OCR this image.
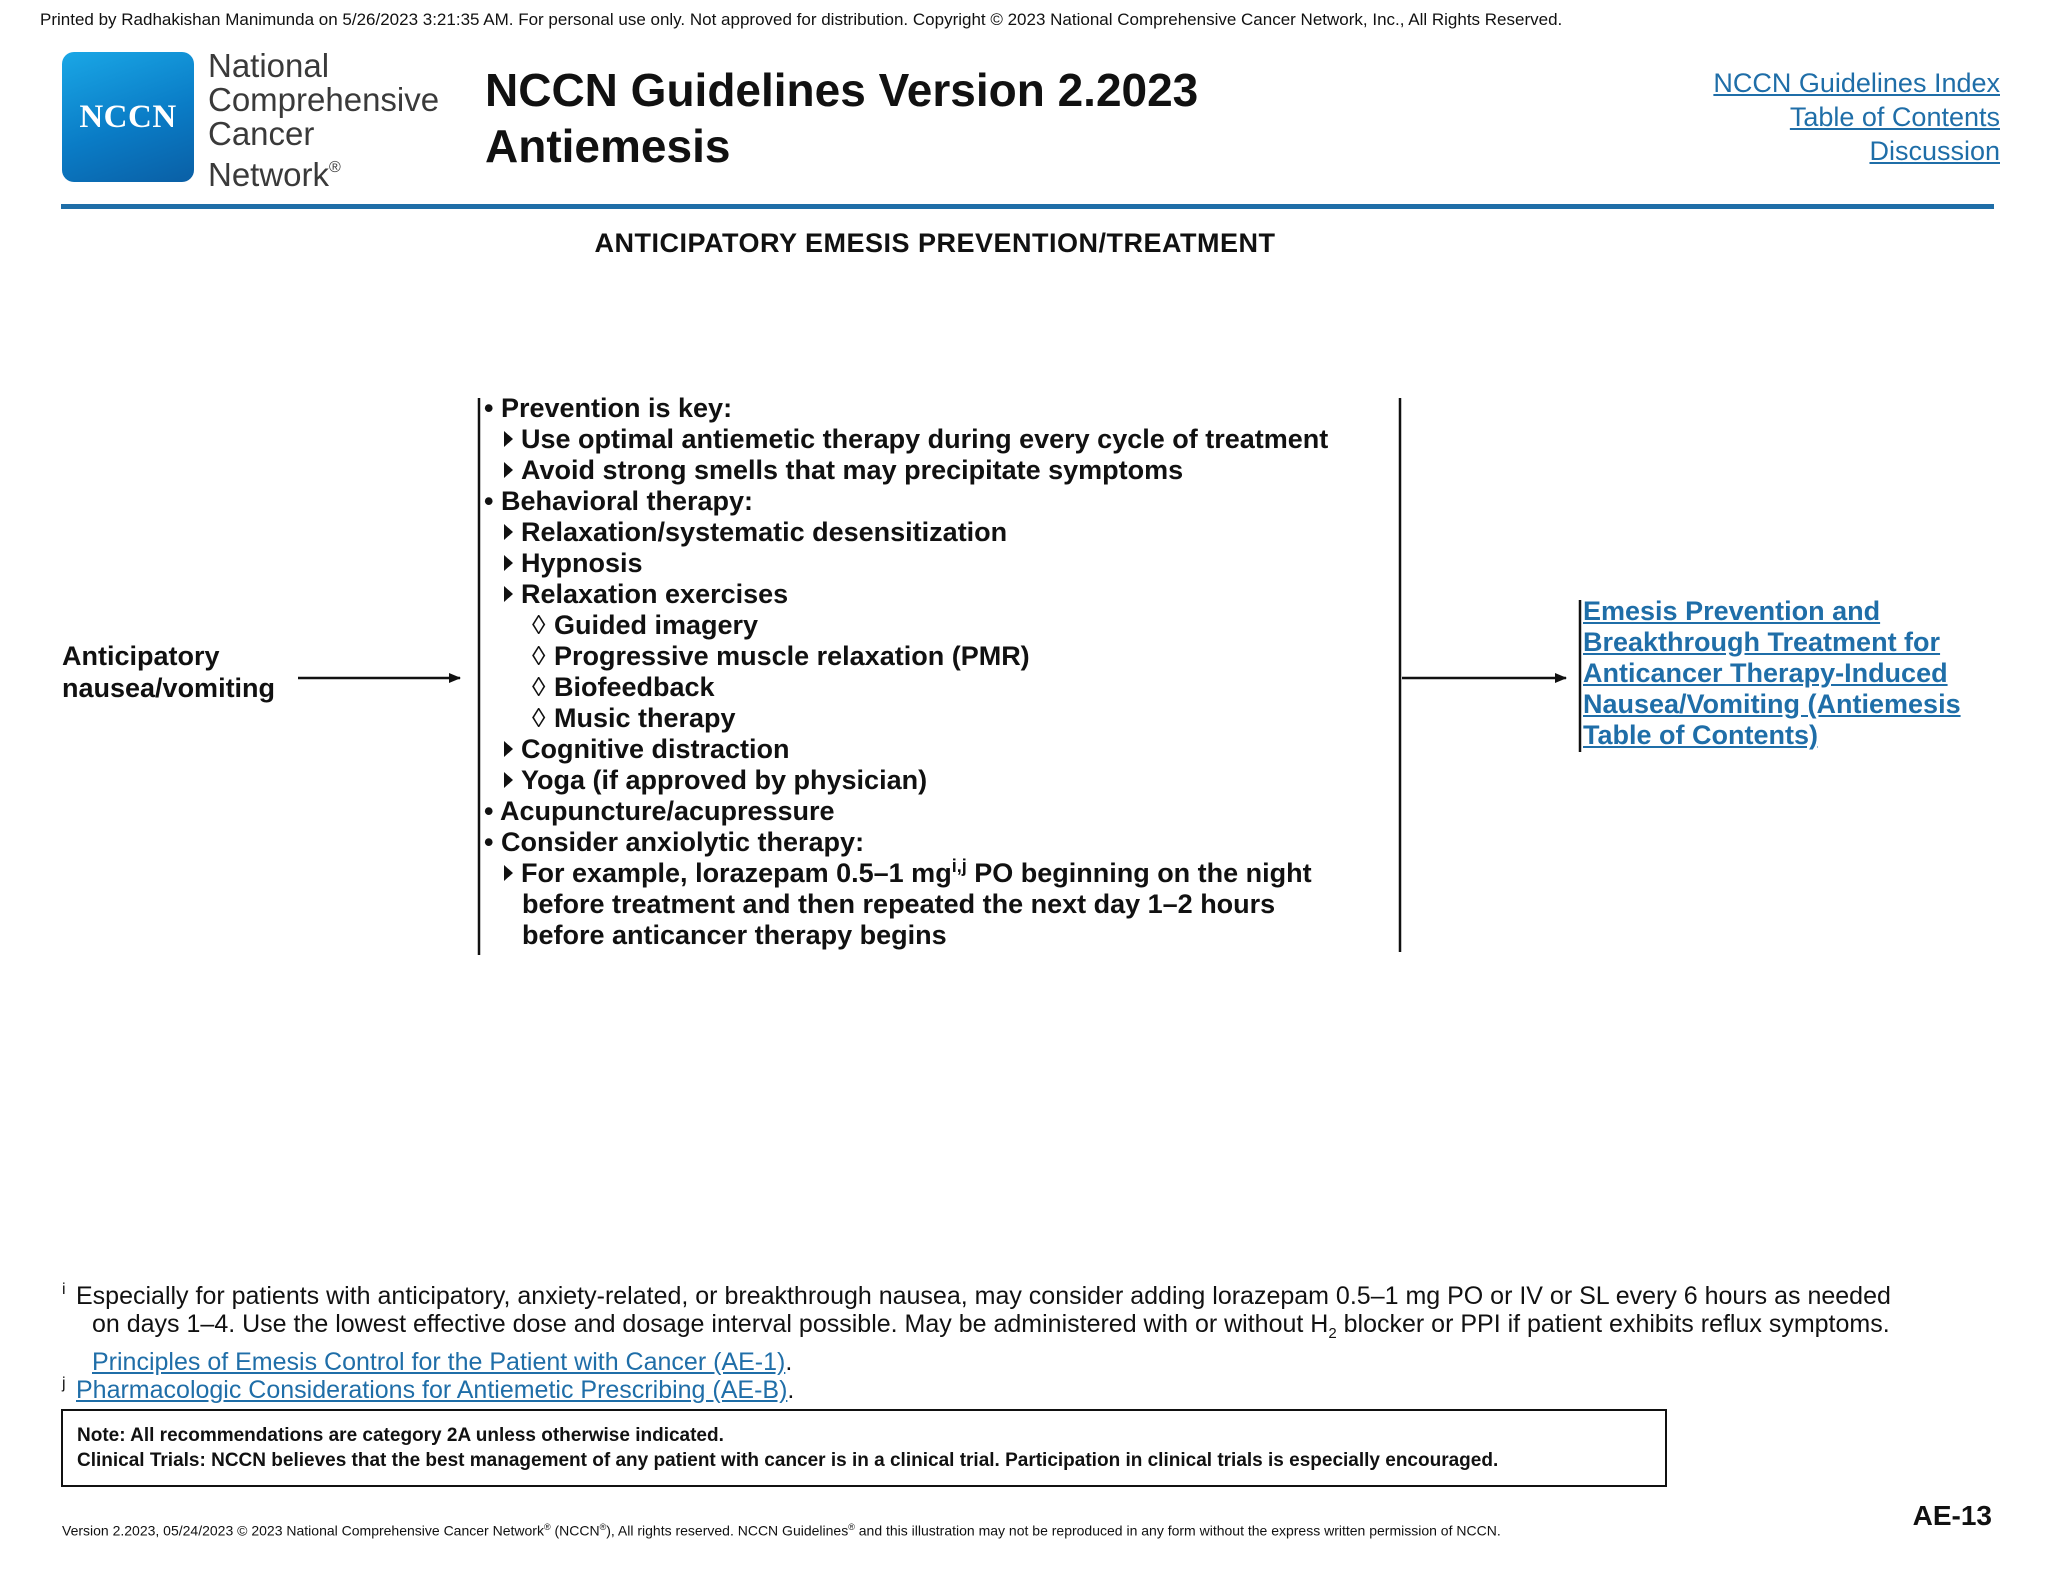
Printed by Radhakishan Manimunda on 5/26/2023 3:21:35 AM. For personal use only. Not approved for distribution. Copyright © 2023 National Comprehensive Cancer Network, Inc., All Rights Reserved.
NCCN
National
Comprehensive
Cancer
Network®
NCCN Guidelines Version 2.2023
Antiemesis
NCCN Guidelines Index
Table of Contents
Discussion
ANTICIPATORY EMESIS PREVENTION/TREATMENT
Anticipatory
nausea/vomiting
• Prevention is key:
Use optimal antiemetic therapy during every cycle of treatment
Avoid strong smells that may precipitate symptoms
• Behavioral therapy:
Relaxation/systematic desensitization
Hypnosis
Relaxation exercises
◊ Guided imagery
◊ Progressive muscle relaxation (PMR)
◊ Biofeedback
◊ Music therapy
Cognitive distraction
Yoga (if approved by physician)
• Acupuncture/acupressure
• Consider anxiolytic therapy:
For example, lorazepam 0.5–1 mg$^{i,j}$ PO beginning on the night
before treatment and then repeated the next day 1–2 hours
before anticancer therapy begins
Emesis Prevention and
Breakthrough Treatment for
Anticancer Therapy-Induced
Nausea/Vomiting (Antiemesis
Table of Contents)
i Especially for patients with anticipatory, anxiety-related, or breakthrough nausea, may consider adding lorazepam 0.5–1 mg PO or IV or SL every 6 hours as needed
on days 1–4. Use the lowest effective dose and dosage interval possible. May be administered with or without $H_2$ blocker or PPI if patient exhibits reflux symptoms.
Principles of Emesis Control for the Patient with Cancer (AE-1).
j Pharmacologic Considerations for Antiemetic Prescribing (AE-B).
Note: All recommendations are category 2A unless otherwise indicated.
Clinical Trials: NCCN believes that the best management of any patient with cancer is in a clinical trial. Participation in clinical trials is especially encouraged.
Version 2.2023, 05/24/2023 © 2023 National Comprehensive Cancer Network® (NCCN®), All rights reserved. NCCN Guidelines® and this illustration may not be reproduced in any form without the express written permission of NCCN.	AE-13
